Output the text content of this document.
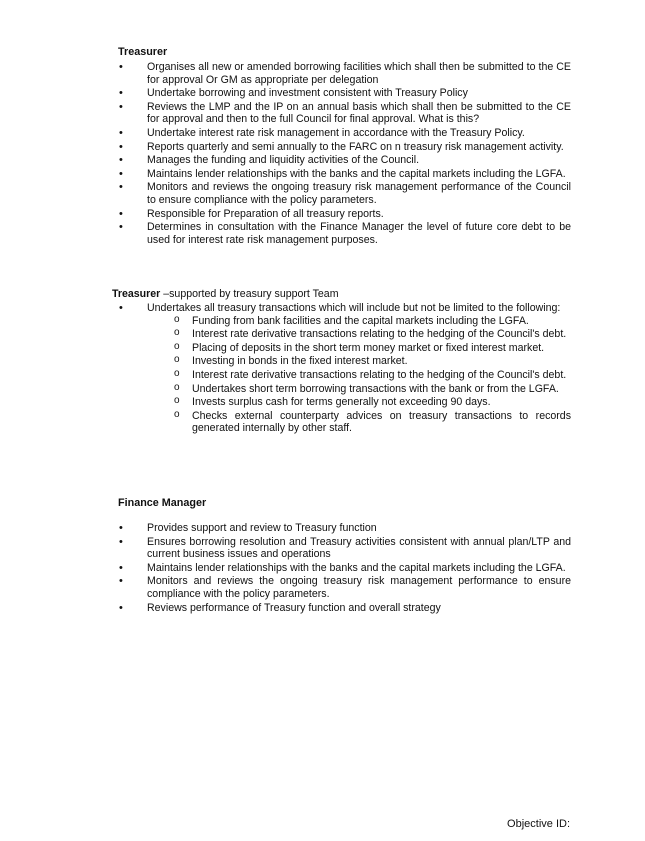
Treasurer
• Organises all new or amended borrowing facilities which shall then be submitted to the CE for approval Or GM as appropriate per delegation
• Undertake borrowing and investment consistent with Treasury Policy
• Reviews the LMP and the IP on an annual basis which shall then be submitted to the CE for approval and then to the full Council for final approval. What is this?
• Undertake interest rate risk management in accordance with the Treasury Policy.
• Reports quarterly and semi annually to the FARC on n treasury risk management activity.
• Manages the funding and liquidity activities of the Council.
• Maintains lender relationships with the banks and the capital markets including the LGFA.
• Monitors and reviews the ongoing treasury risk management performance of the Council to ensure compliance with the policy parameters.
• Responsible for Preparation of all treasury reports.
• Determines in consultation with the Finance Manager the level of future core debt to be used for interest rate risk management purposes.
Treasurer –supported by treasury support Team
• Undertakes all treasury transactions which will include but not be limited to the following:
o Funding from bank facilities and the capital markets including the LGFA.
o Interest rate derivative transactions relating to the hedging of the Council's debt.
o Placing of deposits in the short term money market or fixed interest market.
o Investing in bonds in the fixed interest market.
o Interest rate derivative transactions relating to the hedging of the Council's debt.
o Undertakes short term borrowing transactions with the bank or from the LGFA.
o Invests surplus cash for terms generally not exceeding 90 days.
o Checks external counterparty advices on treasury transactions to records generated internally by other staff.
Finance Manager
• Provides support and review to Treasury function
• Ensures borrowing resolution and Treasury activities consistent with annual plan/LTP and current business issues and operations
• Maintains lender relationships with the banks and the capital markets including the LGFA.
• Monitors and reviews the ongoing treasury risk management performance to ensure compliance with the policy parameters.
• Reviews performance of Treasury function and overall strategy
Objective ID:
